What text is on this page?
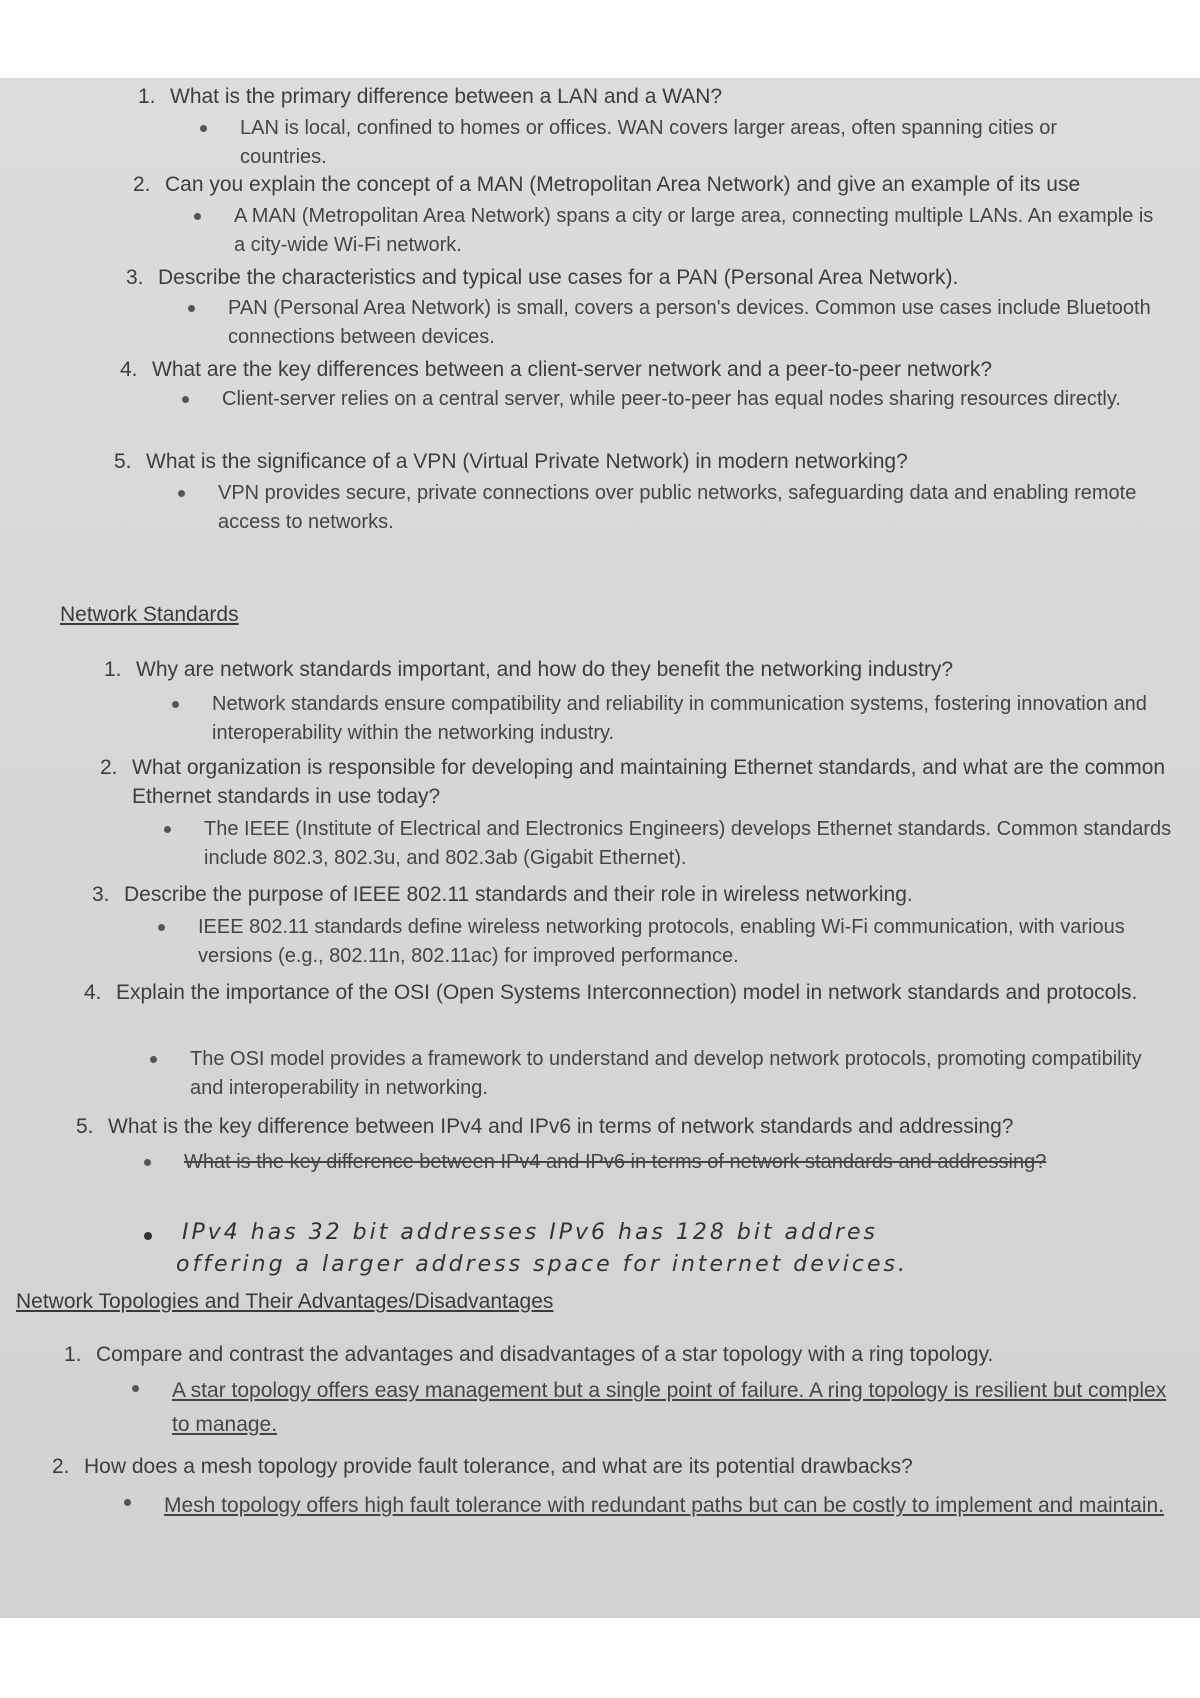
1. What is the primary difference between a LAN and a WAN?
LAN is local, confined to homes or offices. WAN covers larger areas, often spanning cities or countries.
2. Can you explain the concept of a MAN (Metropolitan Area Network) and give an example of its use
A MAN (Metropolitan Area Network) spans a city or large area, connecting multiple LANs. An example is a city-wide Wi-Fi network.
3. Describe the characteristics and typical use cases for a PAN (Personal Area Network).
PAN (Personal Area Network) is small, covers a person's devices. Common use cases include Bluetooth connections between devices.
4. What are the key differences between a client-server network and a peer-to-peer network?
Client-server relies on a central server, while peer-to-peer has equal nodes sharing resources directly.
5. What is the significance of a VPN (Virtual Private Network) in modern networking?
VPN provides secure, private connections over public networks, safeguarding data and enabling remote access to networks.
Network Standards
1. Why are network standards important, and how do they benefit the networking industry?
Network standards ensure compatibility and reliability in communication systems, fostering innovation and interoperability within the networking industry.
2. What organization is responsible for developing and maintaining Ethernet standards, and what are the common Ethernet standards in use today?
The IEEE (Institute of Electrical and Electronics Engineers) develops Ethernet standards. Common standards include 802.3, 802.3u, and 802.3ab (Gigabit Ethernet).
3. Describe the purpose of IEEE 802.11 standards and their role in wireless networking.
IEEE 802.11 standards define wireless networking protocols, enabling Wi-Fi communication, with various versions (e.g., 802.11n, 802.11ac) for improved performance.
4. Explain the importance of the OSI (Open Systems Interconnection) model in network standards and protocols.
The OSI model provides a framework to understand and develop network protocols, promoting compatibility and interoperability in networking.
5. What is the key difference between IPv4 and IPv6 in terms of network standards and addressing?
What is the key difference between IPv4 and IPv6 in terms of network standards and addressing?
IPv4 has 32 bit addresses IPv6 has 128 bit addres
offering a larger address space for internet devices.
Network Topologies and Their Advantages/Disadvantages
1. Compare and contrast the advantages and disadvantages of a star topology with a ring topology.
A star topology offers easy management but a single point of failure. A ring topology is resilient but complex to manage.
2. How does a mesh topology provide fault tolerance, and what are its potential drawbacks?
Mesh topology offers high fault tolerance with redundant paths but can be costly to implement and maintain.
